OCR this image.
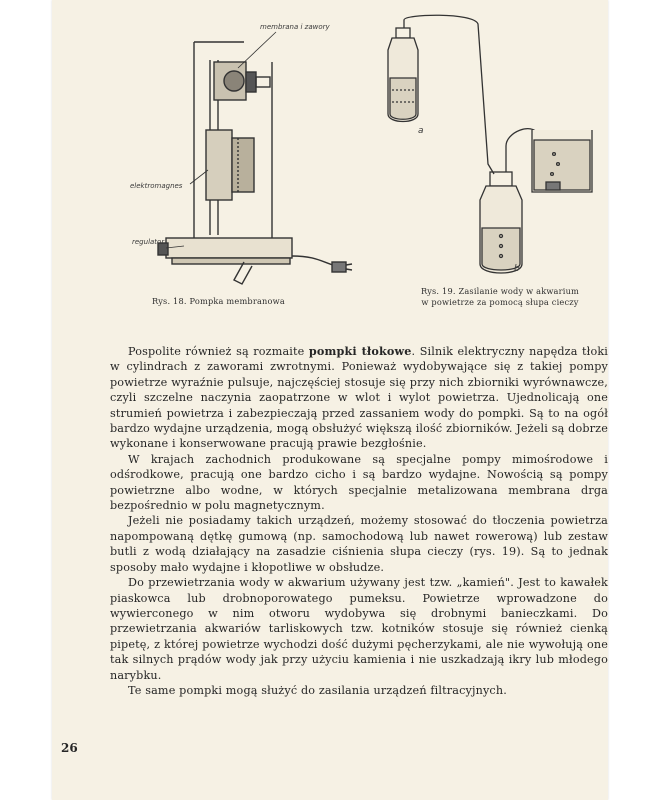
membrana i zawory
elektromagnes
regulator
Rys. 18. Pompka membranowa
a
b
Rys. 19. Zasilanie wody w akwarium
w powietrze za pomocą słupa cieczy

Pospolite również są rozmaite pompki tłokowe. Silnik elektryczny napędza tłoki w cylindrach z zaworami zwrotnymi. Ponieważ wydobywające się z takiej pompy powietrze wyraźnie pulsuje, najczęściej stosuje się przy nich zbiorniki wyrównawcze, czyli szczelne naczynia zaopatrzone w wlot i wylot powietrza. Ujednolicają one strumień powietrza i zabezpieczają przed zassaniem wody do pompki. Są to na ogół bardzo wydajne urządzenia, mogą obsłużyć większą ilość zbiorników. Jeżeli są dobrze wykonane i konserwowane pracują prawie bezgłośnie.

W krajach zachodnich produkowane są specjalne pompy mimośrodowe i odśrodkowe, pracują one bardzo cicho i są bardzo wydajne. Nowością są pompy powietrzne albo wodne, w których specjalnie metalizowana membrana drga bezpośrednio w polu magnetycznym.

Jeżeli nie posiadamy takich urządzeń, możemy stosować do tłoczenia powietrza napompowaną dętkę gumową (np. samochodową lub nawet rowerową) lub zestaw butli z wodą działający na zasadzie ciśnienia słupa cieczy (rys. 19). Są to jednak sposoby mało wydajne i kłopotliwe w obsłudze.

Do przewietrzania wody w akwarium używany jest tzw. „kamień". Jest to kawałek piaskowca lub drobnoporowatego pumeksu. Powietrze wprowadzone do wywierconego w nim otworu wydobywa się drobnymi banieczkami. Do przewietrzania akwariów tarliskowych tzw. kotników stosuje się również cienką pipetę, z której powietrze wychodzi dość dużymi pęcherzykami, ale nie wywołują one tak silnych prądów wody jak przy użyciu kamienia i nie uszkadzają ikry lub młodego narybku.

Te same pompki mogą służyć do zasilania urządzeń filtracyjnych.

26
